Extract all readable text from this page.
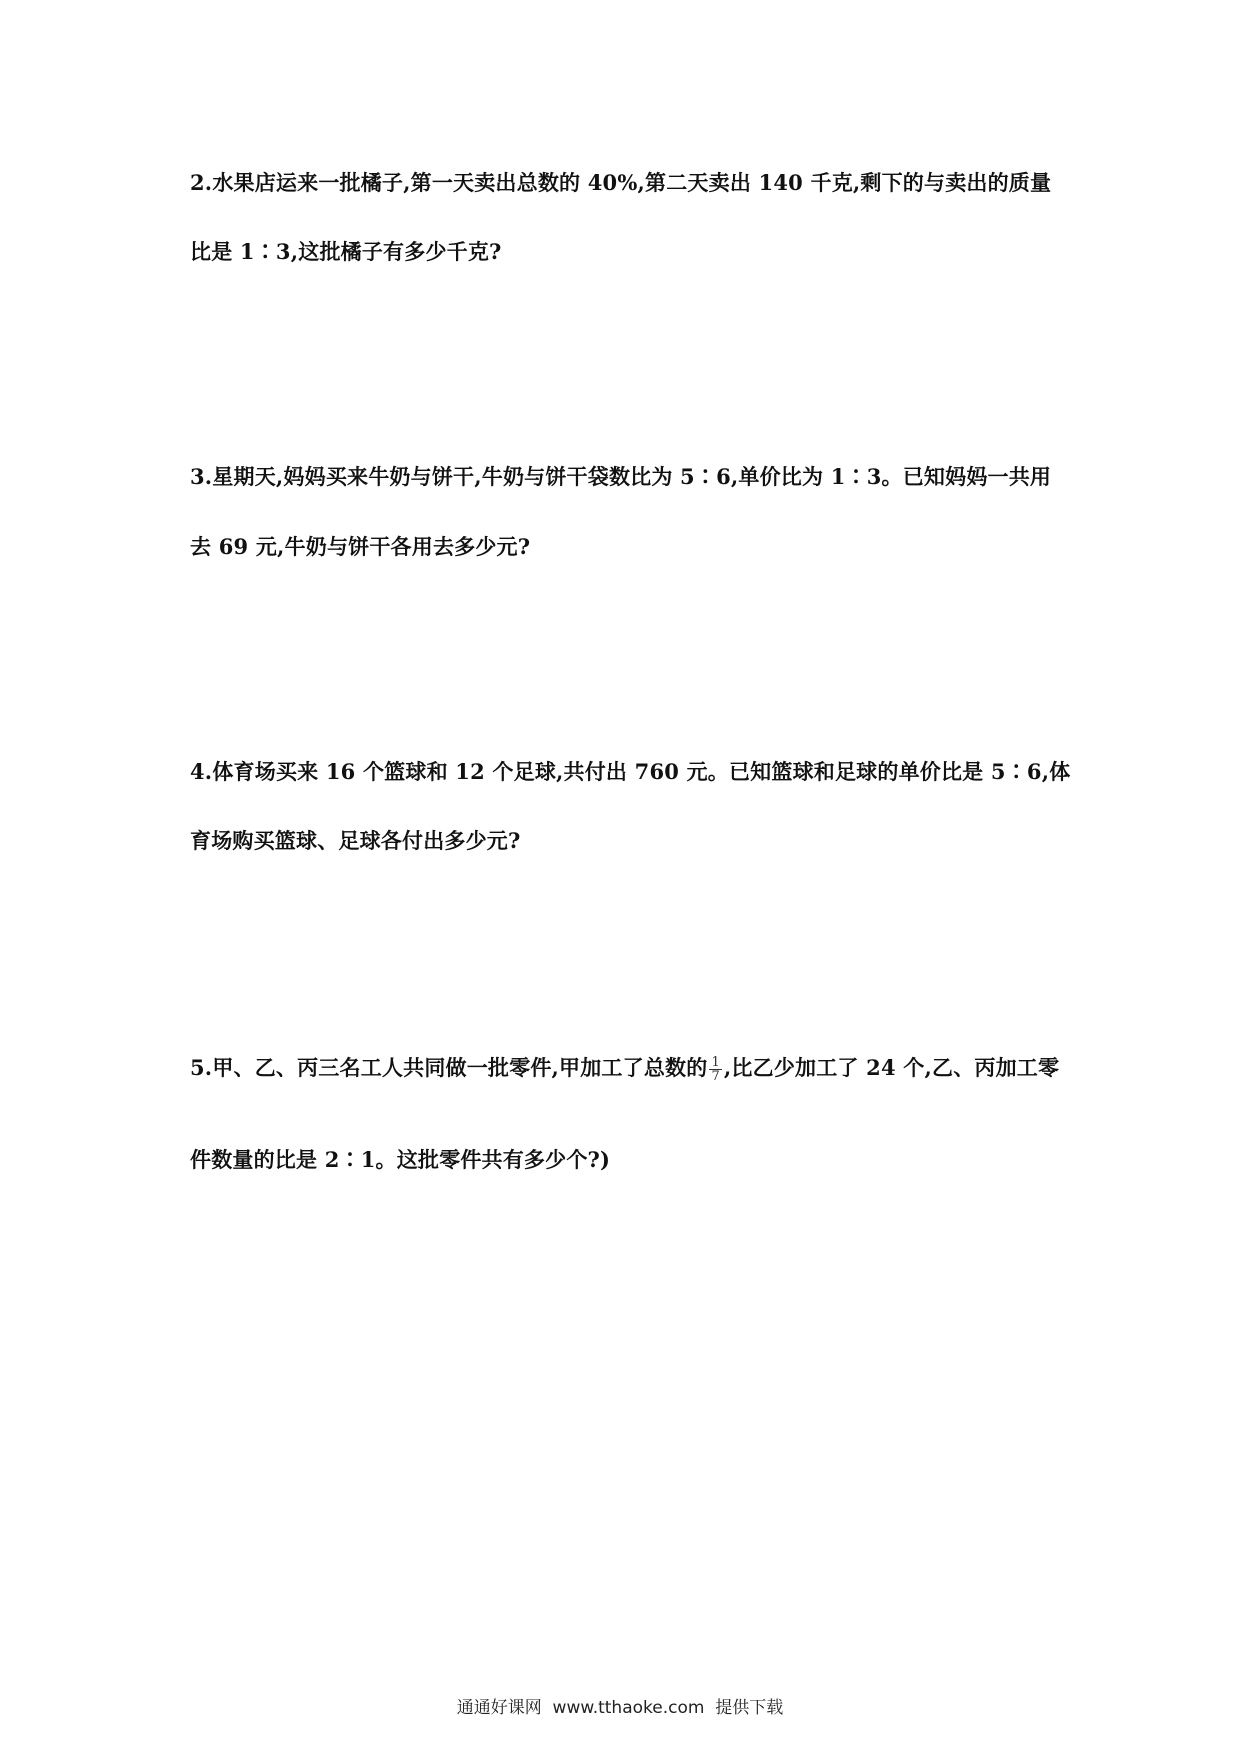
2.水果店运来一批橘子,第一天卖出总数的 40%,第二天卖出 140 千克,剩下的与卖出的质量
比是 1∶3,这批橘子有多少千克?
3.星期天,妈妈买来牛奶与饼干,牛奶与饼干袋数比为 5∶6,单价比为 1∶3。已知妈妈一共用
去 69 元,牛奶与饼干各用去多少元?
4.体育场买来 16 个篮球和 12 个足球,共付出 760 元。已知篮球和足球的单价比是 5∶6,体
育场购买篮球、足球各付出多少元?
5.甲、乙、丙三名工人共同做一批零件,甲加工了总数的 $\frac{1}{7}$ ,比乙少加工了 24 个,乙、丙加工零
件数量的比是 2∶1。这批零件共有多少个?)
通通好课网  www.tthaoke.com  提供下载
